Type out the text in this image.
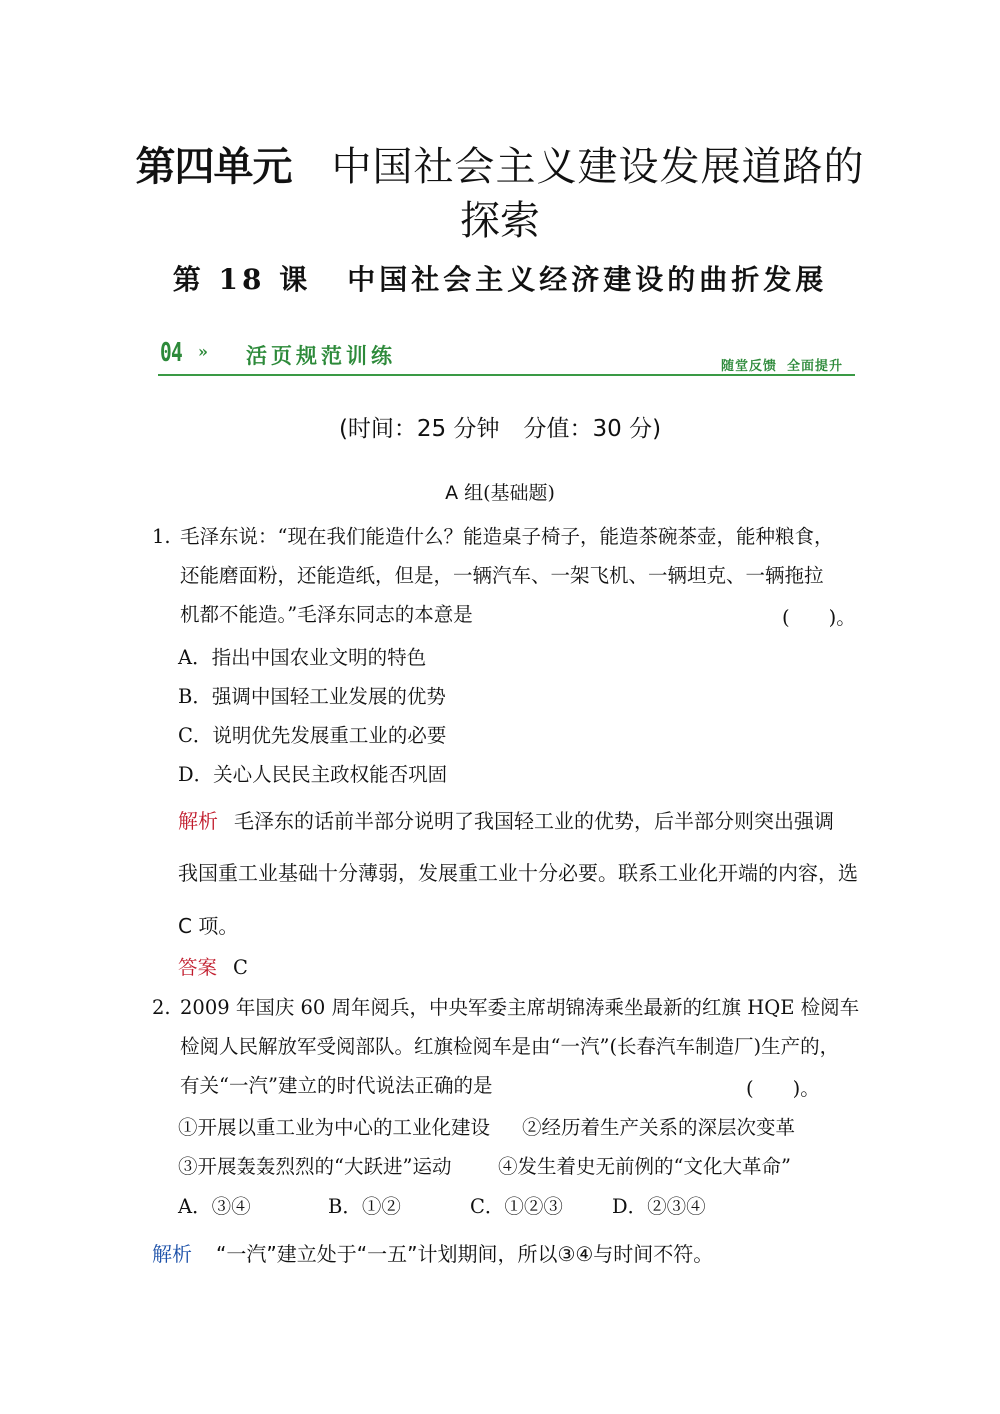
第四单元 中国社会主义建设发展道路的
探索
第 18 课 中国社会主义经济建设的曲折发展
04 » 活页规范训练	随堂反馈 全面提升
(时间：25 分钟 分值：30 分)
A 组(基础题)
1. 毛泽东说：“现在我们能造什么？能造桌子椅子，能造茶碗茶壶，能种粮食，
还能磨面粉，还能造纸，但是，一辆汽车、一架飞机、一辆坦克、一辆拖拉
机都不能造。”毛泽东同志的本意是	(　　)。
A．指出中国农业文明的特色
B．强调中国轻工业发展的优势
C．说明优先发展重工业的必要
D．关心人民民主政权能否巩固
解析 毛泽东的话前半部分说明了我国轻工业的优势，后半部分则突出强调
我国重工业基础十分薄弱，发展重工业十分必要。联系工业化开端的内容，选
C 项。
答案 C
2. 2009 年国庆 60 周年阅兵，中央军委主席胡锦涛乘坐最新的红旗 HQE 检阅车
检阅人民解放军受阅部队。红旗检阅车是由“一汽”(长春汽车制造厂)生产的，
有关“一汽”建立的时代说法正确的是	(　　)。
①开展以重工业为中心的工业化建设 ②经历着生产关系的深层次变革
③开展轰轰烈烈的“大跃进”运动 ④发生着史无前例的“文化大革命”
A．③④	B．①②	C．①②③	D．②③④
解析 “一汽”建立处于“一五”计划期间，所以③④与时间不符。
